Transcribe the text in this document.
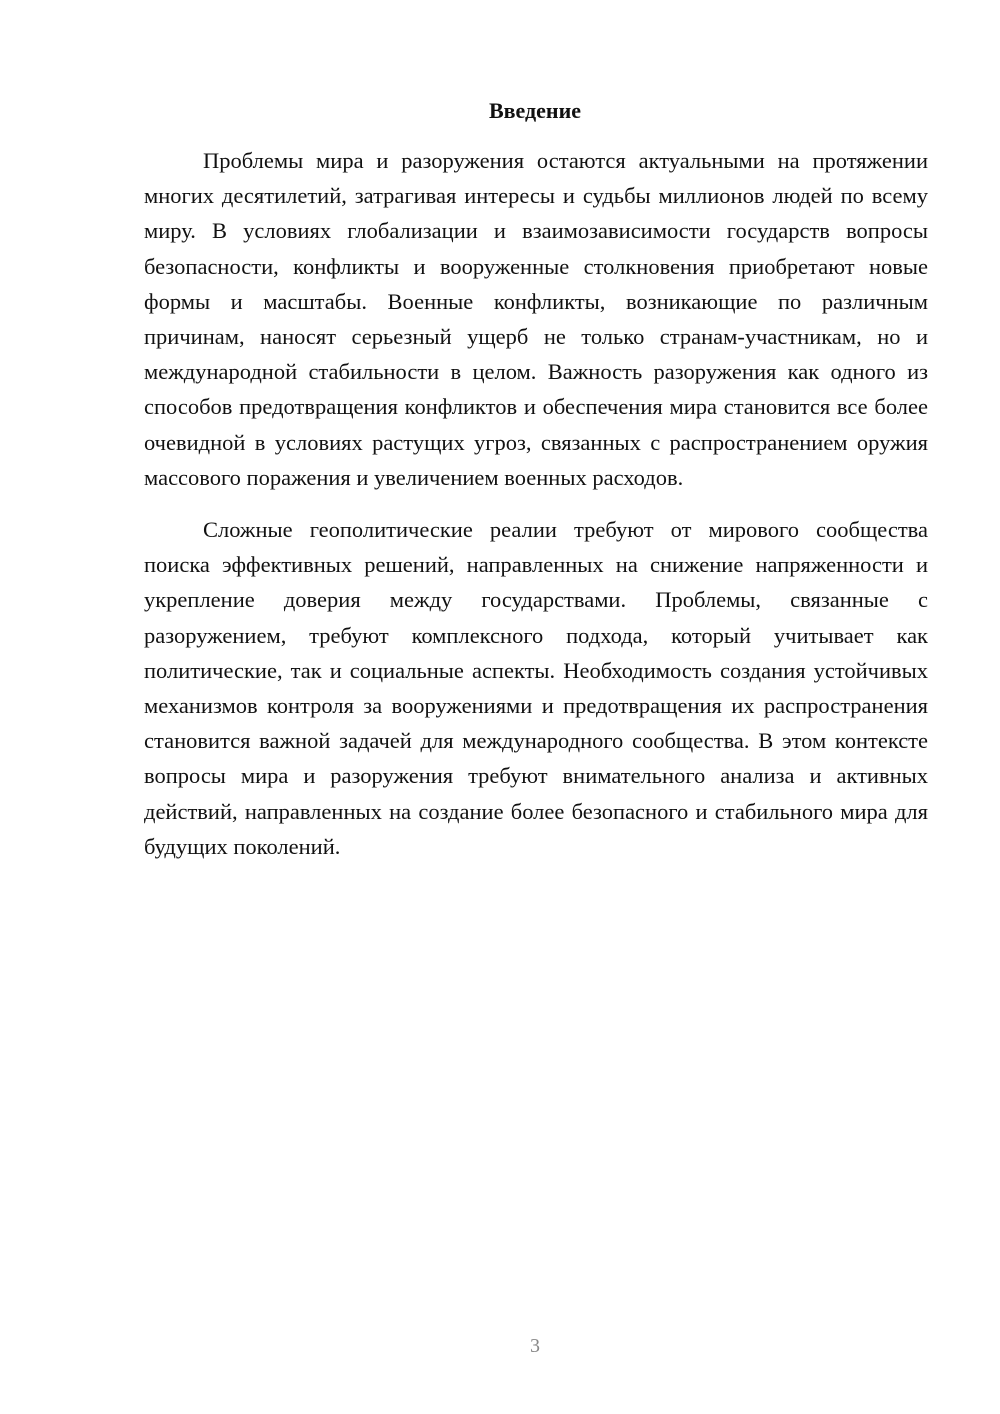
Введение

Проблемы мира и разоружения остаются актуальными на протяжении многих десятилетий, затрагивая интересы и судьбы миллионов людей по всему миру. В условиях глобализации и взаимозависимости государств вопросы безопасности, конфликты и вооруженные столкновения приобретают новые формы и масштабы. Военные конфликты, возникающие по различным причинам, наносят серьезный ущерб не только странам-участникам, но и международной стабильности в целом. Важность разоружения как одного из способов предотвращения конфликтов и обеспечения мира становится все более очевидной в условиях растущих угроз, связанных с распространением оружия массового поражения и увеличением военных расходов.

Сложные геополитические реалии требуют от мирового сообщества поиска эффективных решений, направленных на снижение напряженности и укрепление доверия между государствами. Проблемы, связанные с разоружением, требуют комплексного подхода, который учитывает как политические, так и социальные аспекты. Необходимость создания устойчивых механизмов контроля за вооружениями и предотвращения их распространения становится важной задачей для международного сообщества. В этом контексте вопросы мира и разоружения требуют внимательного анализа и активных действий, направленных на создание более безопасного и стабильного мира для будущих поколений.

3
